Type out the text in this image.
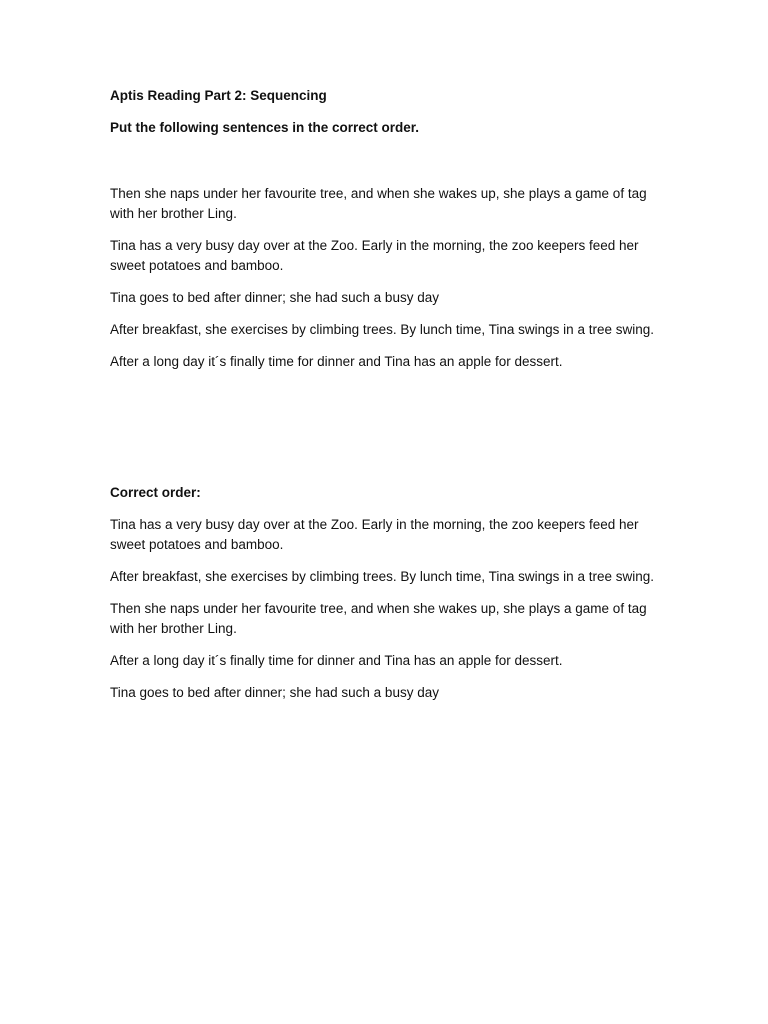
Aptis Reading Part 2: Sequencing
Put the following sentences in the correct order.

Then she naps under her favourite tree, and when she wakes up, she plays a game of tag with her brother Ling.

Tina has a very busy day over at the Zoo. Early in the morning, the zoo keepers feed her sweet potatoes and bamboo.

Tina goes to bed after dinner; she had such a busy day

After breakfast, she exercises by climbing trees. By lunch time, Tina swings in a tree swing.

After a long day it´s finally time for dinner and Tina has an apple for dessert.

Correct order:

Tina has a very busy day over at the Zoo. Early in the morning, the zoo keepers feed her sweet potatoes and bamboo.

After breakfast, she exercises by climbing trees. By lunch time, Tina swings in a tree swing.

Then she naps under her favourite tree, and when she wakes up, she plays a game of tag with her brother Ling.

After a long day it´s finally time for dinner and Tina has an apple for dessert.

Tina goes to bed after dinner; she had such a busy day
